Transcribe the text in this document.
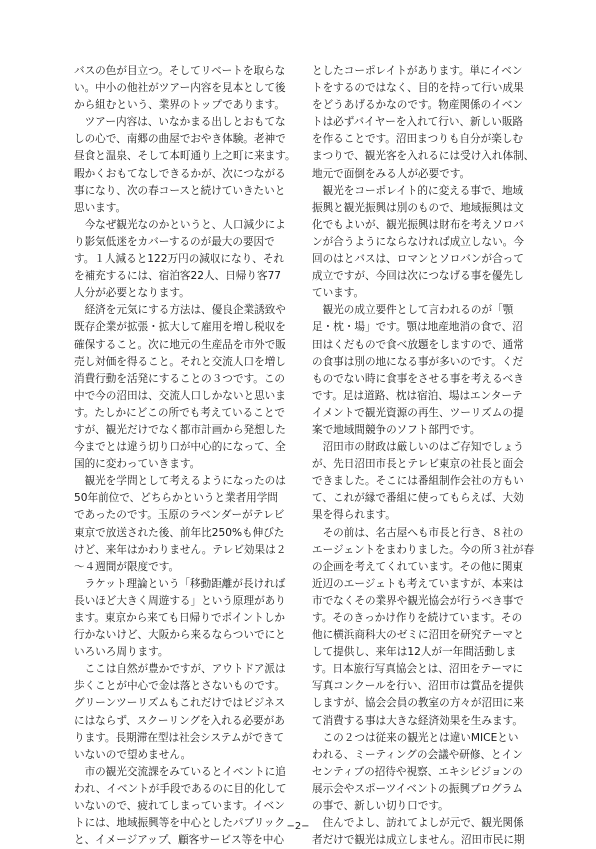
バスの色が目立つ。そしてリベートを取らな
い。中小の他社がツアー内容を見本として後
から組むという、業界のトップであります。
　ツアー内容は、いなかまる出しとおもてな
しの心で、南郷の曲屋でおやき体験。老神で
昼食と温泉、そして本町通り上之町に来ます。
暇かくおもてなしできるかが、次につながる
事になり、次の春コースと続けていきたいと
思います。
　今なぜ観光なのかというと、人口減少によ
り影気低迷をカバーするのが最大の要因で
す。１人減ると122万円の減収になり、それ
を補充するには、宿泊客22人、日帰り客77
人分が必要となります。
　経済を元気にする方法は、優良企業誘致や
既存企業が拡張・拡大して雇用を増し税収を
確保すること。次に地元の生産品を市外で販
売し対価を得ること。それと交流人口を増し
消費行動を活発にすることの３つです。この
中で今の沼田は、交流人口しかないと思いま
す。たしかにどこの所でも考えていることで
すが、観光だけでなく都市計画から発想した
今までとは違う切り口が中心的になって、全
国的に変わっていきます。
　観光を学問として考えるようになったのは
50年前位で、どちらかというと業者用学問
であったのです。玉原のラベンダーがテレビ
東京で放送された後、前年比250%も伸びた
けど、来年はかわりません。テレビ効果は２
～４週間が限度です。
　ラケット理論という「移動距離が長ければ
長いほど大きく周遊する」という原理があり
ます。東京から来ても日帰りでポイントしか
行かないけど、大阪から来るならついでにと
いろいろ周ります。
　ここは自然が豊かですが、アウトドア派は
歩くことが中心で金は落とさないものです。
グリーンツーリズムもこれだけではビジネス
にはならず、スクーリングを入れる必要があ
ります。長期滞在型は社会システムができて
いないので望めません。
　市の観光交流課をみているとイベントに追
われ、イベントが手段であるのに目的化して
いないので、疲れてしまっています。イベン
トには、地域振興等を中心としたパブリック
と、イメージアップ、顧客サービス等を中心
としたコーポレイトがあります。単にイベン
トをするのではなく、目的を持って行い成果
をどうあげるかなのです。物産関係のイベン
トは必ずバイヤーを入れて行い、新しい販路
を作ることです。沼田まつりも自分が楽しむ
まつりで、観光客を入れるには受け入れ体制、
地元で面倒をみる人が必要です。
　観光をコーポレイト的に変える事で、地域
振興と観光振興は別のもので、地域振興は文
化でもよいが、観光振興は財布を考えソロバ
ンが合うようにならなければ成立しない。今
回のはとバスは、ロマンとソロバンが合って
成立ですが、今回は次につなげる事を優先し
ています。
　観光の成立要件として言われるのが「顎
足・枕・場」です。顎は地産地消の食で、沼
田はくだもので食べ放題をしますので、通常
の食事は別の地になる事が多いのです。くだ
ものでない時に食事をさせる事を考えるべき
です。足は道路、枕は宿泊、場はエンターテ
イメントで観光資源の再生、ツーリズムの提
案で地域間競争のソフト部門です。
　沼田市の財政は厳しいのはご存知でしょう
が、先日沼田市長とテレビ東京の社長と面会
できました。そこには番組制作会社の方もい
て、これが縁で番組に使ってもらえば、大効
果を得られます。
　その前は、名古屋へも市長と行き、８社の
エージェントをまわりました。今の所３社が春
の企画を考えてくれています。その他に関東
近辺のエージェトも考えていますが、本来は
市でなくその業界や観光協会が行うべき事で
す。そのきっかけ作りを続けています。その
他に横浜商科大のゼミに沼田を研究テーマと
して提供し、来年は12人が一年間活動しま
す。日本旅行写真協会とは、沼田をテーマに
写真コンクールを行い、沼田市は賞品を提供
しますが、協会会員の教室の方々が沼田に来
て消費する事は大きな経済効果を生みます。
　この２つは従来の観光とは違いMICEとい
われる、ミーティングの会議や研修、とイン
センティブの招待や視察、エキシビジョンの
展示会やスポーツイベントの振興プログラム
の事で、新しい切り口です。
　住んでよし、訪れてよしが元で、観光関係
者だけで観光は成立しません。沼田市民に期
−2−
